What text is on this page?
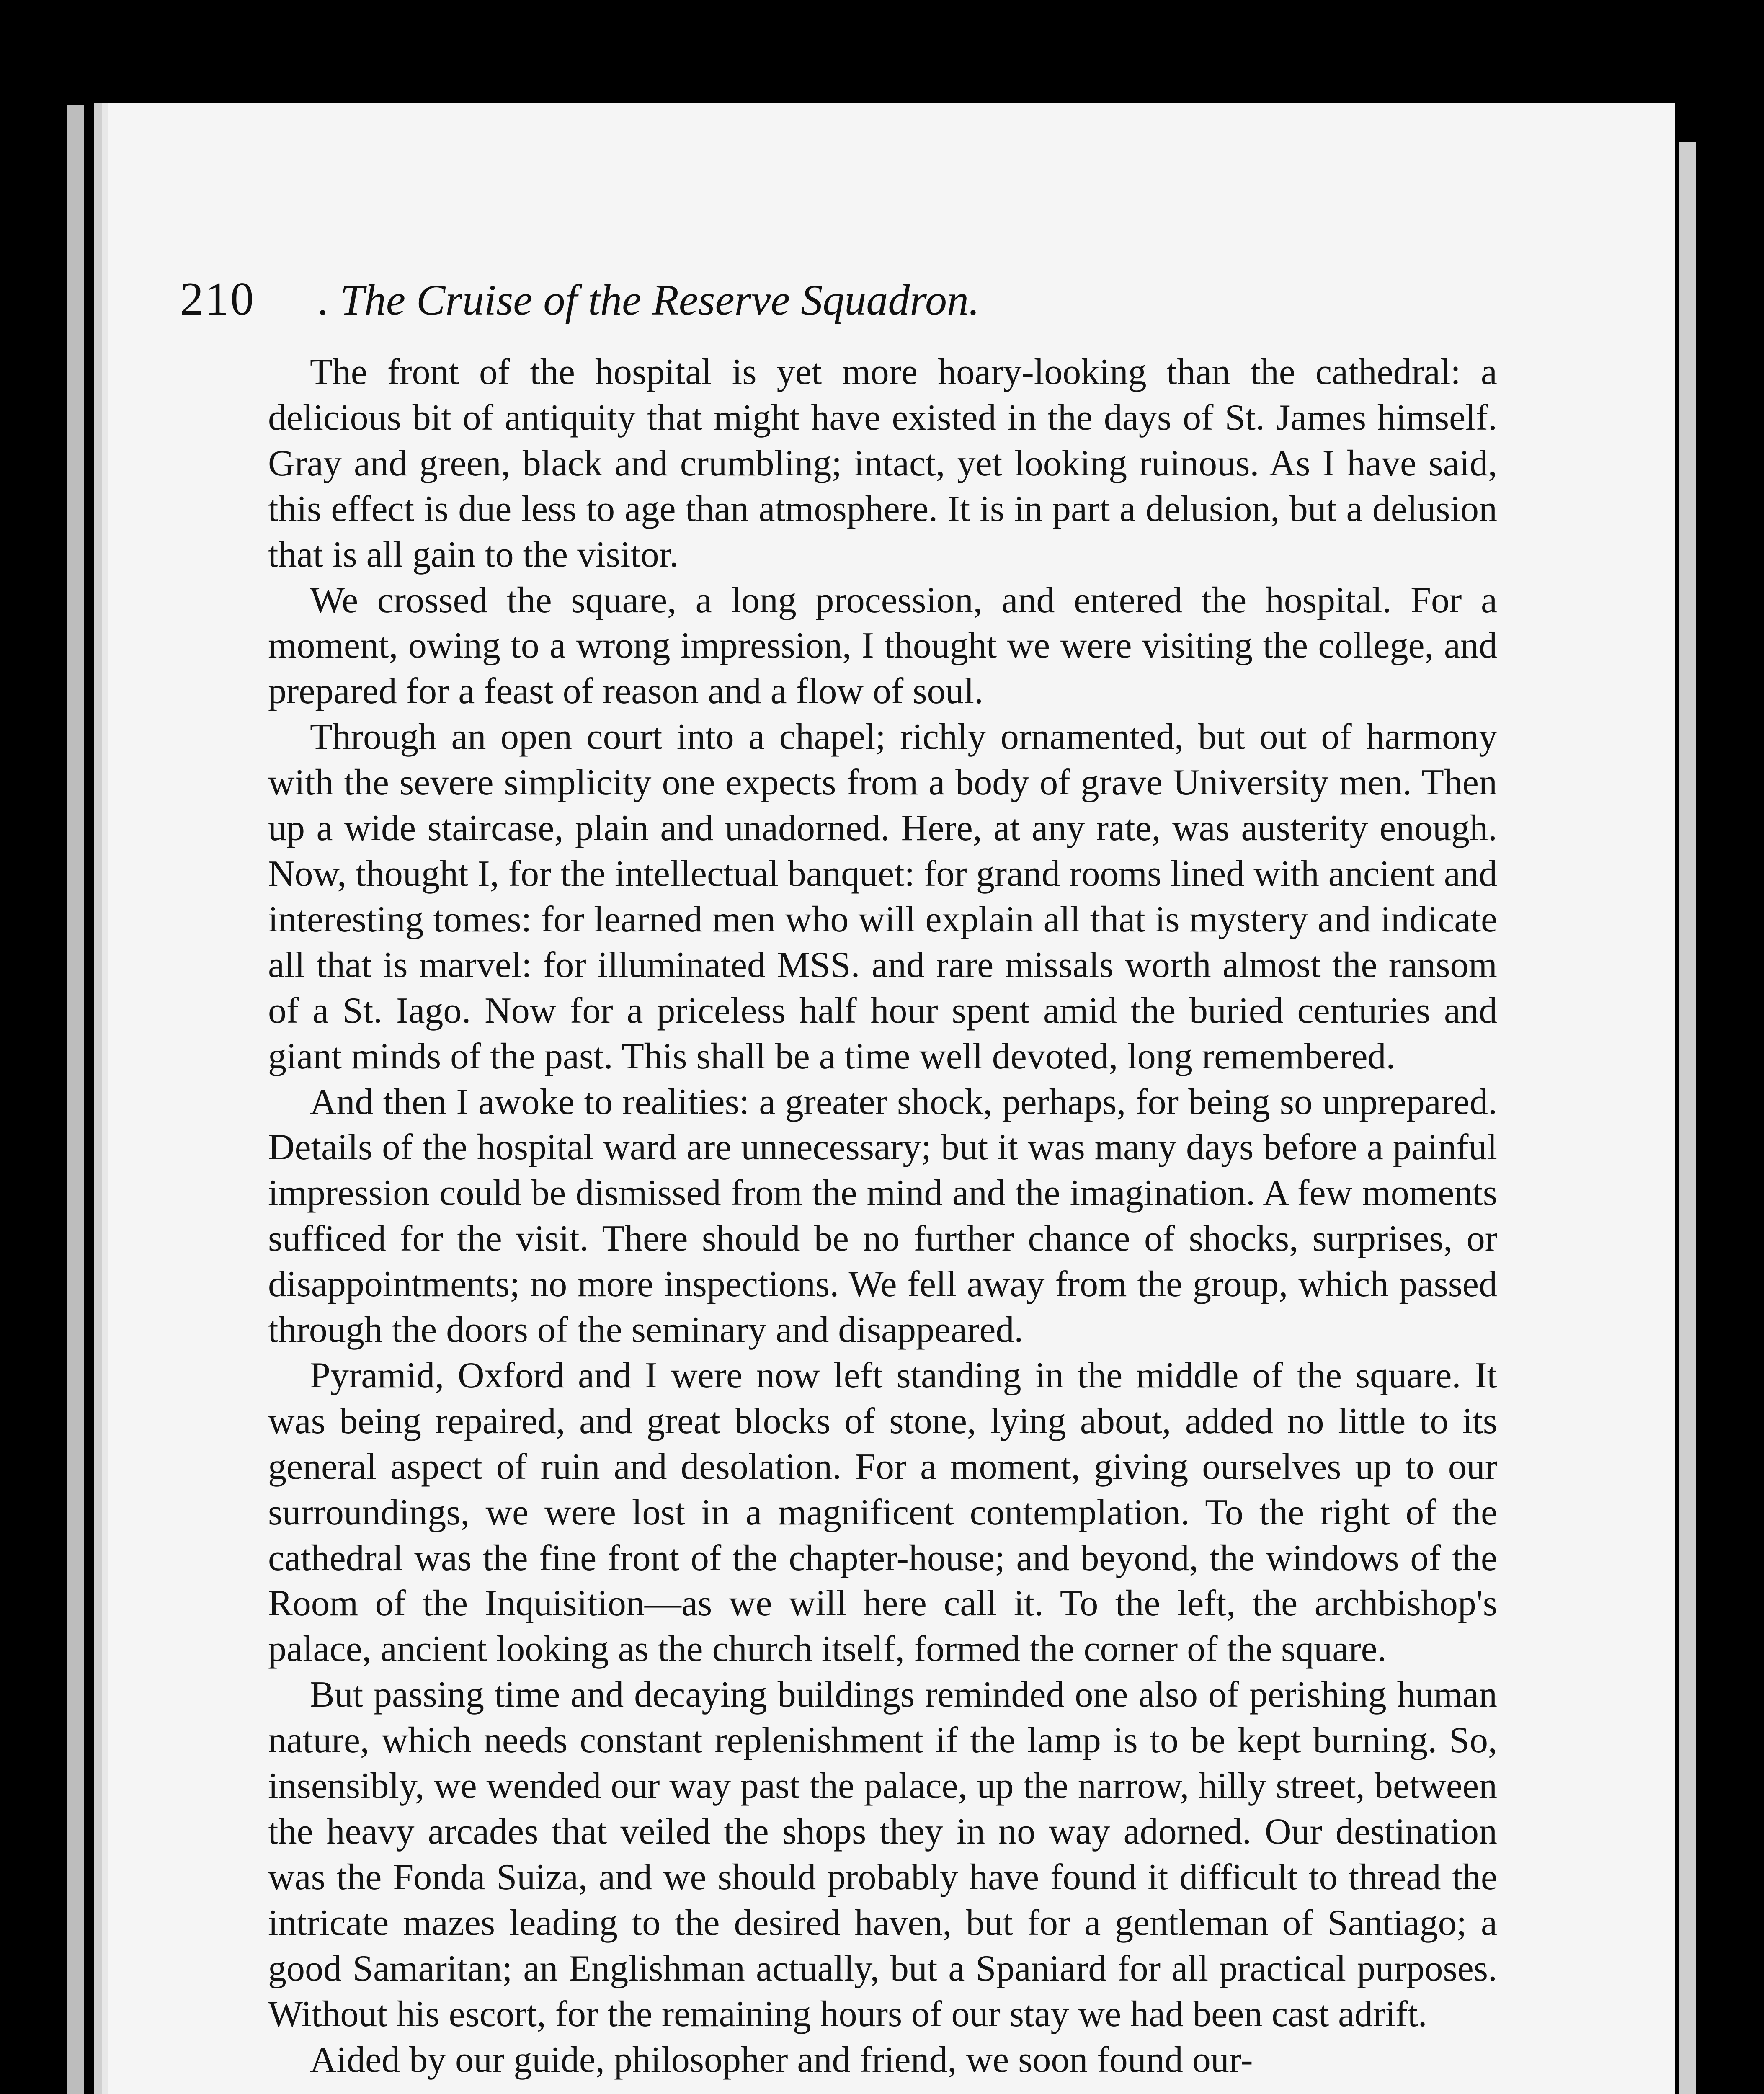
210 . The Cruise of the Reserve Squadron.

The front of the hospital is yet more hoary-looking than the cathedral: a delicious bit of antiquity that might have existed in the days of St. James himself. Gray and green, black and crumbling; intact, yet looking ruinous. As I have said, this effect is due less to age than atmosphere. It is in part a delusion, but a delusion that is all gain to the visitor.

We crossed the square, a long procession, and entered the hospital. For a moment, owing to a wrong impression, I thought we were visiting the college, and prepared for a feast of reason and a flow of soul.

Through an open court into a chapel; richly ornamented, but out of harmony with the severe simplicity one expects from a body of grave University men. Then up a wide staircase, plain and unadorned. Here, at any rate, was austerity enough. Now, thought I, for the intellectual banquet: for grand rooms lined with ancient and interesting tomes: for learned men who will explain all that is mystery and indicate all that is marvel: for illuminated MSS. and rare missals worth almost the ransom of a St. Iago. Now for a priceless half hour spent amid the buried centuries and giant minds of the past. This shall be a time well devoted, long remembered.

And then I awoke to realities: a greater shock, perhaps, for being so unprepared. Details of the hospital ward are unnecessary; but it was many days before a painful impression could be dismissed from the mind and the imagination. A few moments sufficed for the visit. There should be no further chance of shocks, surprises, or disappointments; no more inspections. We fell away from the group, which passed through the doors of the seminary and disappeared.

Pyramid, Oxford and I were now left standing in the middle of the square. It was being repaired, and great blocks of stone, lying about, added no little to its general aspect of ruin and desolation. For a moment, giving ourselves up to our surroundings, we were lost in a magnificent contemplation. To the right of the cathedral was the fine front of the chapter-house; and beyond, the windows of the Room of the Inquisition—as we will here call it. To the left, the archbishop's palace, ancient looking as the church itself, formed the corner of the square.

But passing time and decaying buildings reminded one also of perishing human nature, which needs constant replenishment if the lamp is to be kept burning. So, insensibly, we wended our way past the palace, up the narrow, hilly street, between the heavy arcades that veiled the shops they in no way adorned. Our destination was the Fonda Suiza, and we should probably have found it difficult to thread the intricate mazes leading to the desired haven, but for a gentleman of Santiago; a good Samaritan; an Englishman actually, but a Spaniard for all practical purposes. Without his escort, for the remaining hours of our stay we had been cast adrift.

Aided by our guide, philosopher and friend, we soon found our-
